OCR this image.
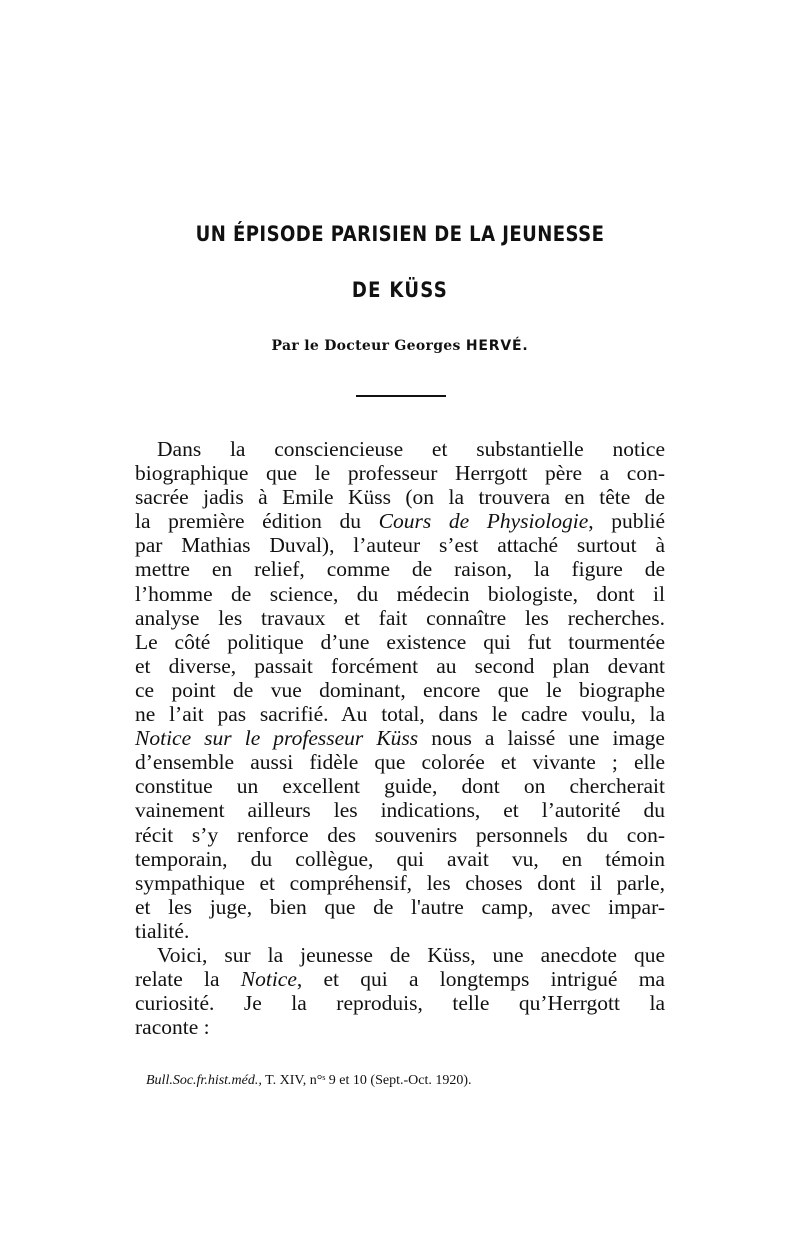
UN ÉPISODE PARISIEN DE LA JEUNESSE
DE KÜSS
Par le Docteur Georges HERVÉ.
Dans la consciencieuse et substantielle notice
biographique que le professeur Herrgott père a con-
sacrée jadis à Emile Küss (on la trouvera en tête de
la première édition du Cours de Physiologie, publié
par Mathias Duval), l’auteur s’est attaché surtout à
mettre en relief, comme de raison, la figure de
l’homme de science, du médecin biologiste, dont il
analyse les travaux et fait connaître les recherches.
Le côté politique d’une existence qui fut tourmentée
et diverse, passait forcément au second plan devant
ce point de vue dominant, encore que le biographe
ne l’ait pas sacrifié. Au total, dans le cadre voulu, la
Notice sur le professeur Küss nous a laissé une image
d’ensemble aussi fidèle que colorée et vivante ; elle
constitue un excellent guide, dont on chercherait
vainement ailleurs les indications, et l’autorité du
récit s’y renforce des souvenirs personnels du con-
temporain, du collègue, qui avait vu, en témoin
sympathique et compréhensif, les choses dont il parle,
et les juge, bien que de l'autre camp, avec impar-
tialité.
Voici, sur la jeunesse de Küss, une anecdote que
relate la Notice, et qui a longtemps intrigué ma
curiosité. Je la reproduis, telle qu’Herrgott la
raconte :
Bull.Soc.fr.hist.méd., T. XIV, n°ˢ 9 et 10 (Sept.-Oct. 1920).
